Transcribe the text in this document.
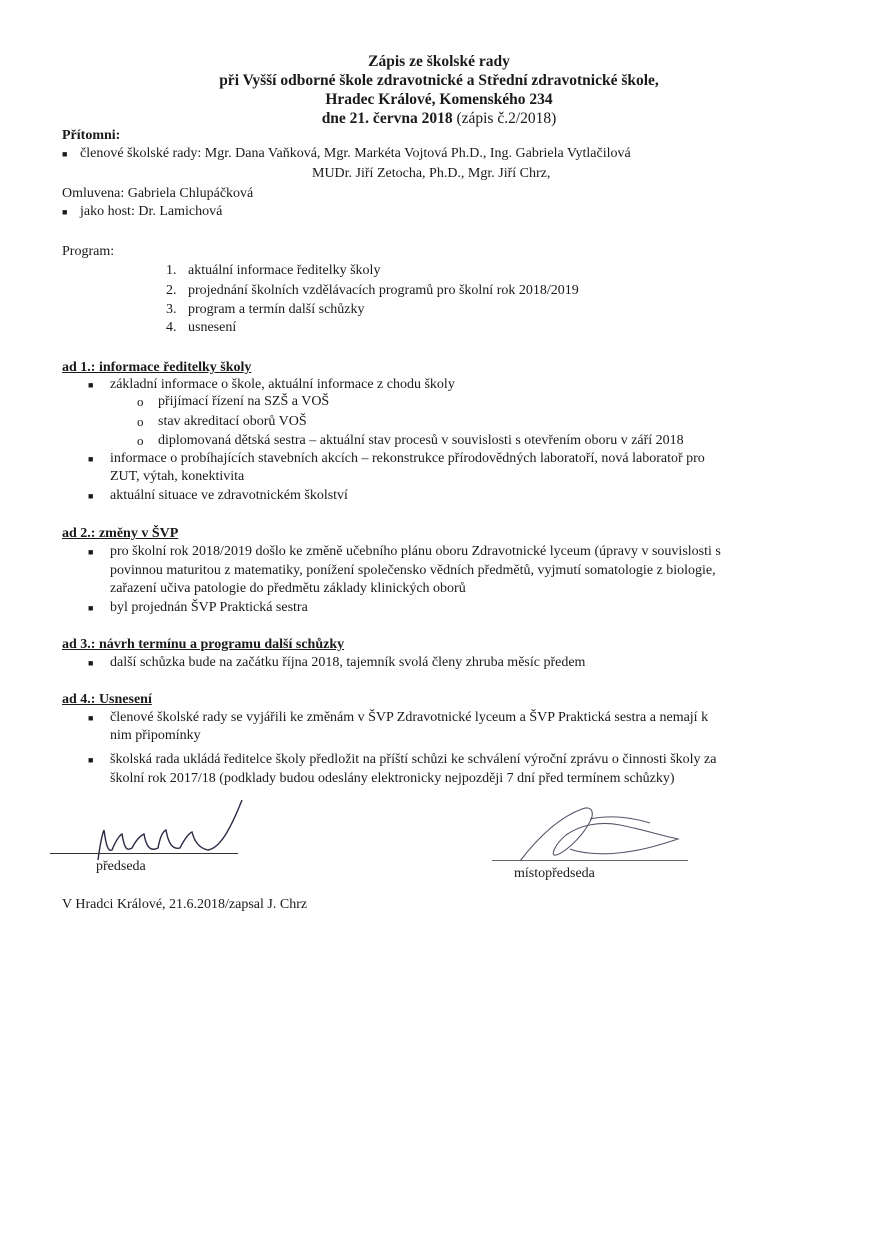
Zápis ze školské rady
při Vyšší odborné škole zdravotnické a Střední zdravotnické škole,
Hradec Králové, Komenského 234
dne 21. června 2018 (zápis č.2/2018)
Přítomni:
■ členové školské rady: Mgr. Dana Vaňková, Mgr. Markéta Vojtová Ph.D., Ing. Gabriela Vytlačilová
MUDr. Jiří Zetocha, Ph.D., Mgr. Jiří Chrz,
Omluvena: Gabriela Chlupáčková
■ jako host: Dr. Lamichová
Program:
1. aktuální informace ředitelky školy
2. projednání školních vzdělávacích programů pro školní rok 2018/2019
3. program a termín další schůzky
4. usnesení
ad 1.: informace ředitelky školy
■ základní informace o škole, aktuální informace z chodu školy
o přijímací řízení na SZŠ a VOŠ
o stav akreditací oborů VOŠ
o diplomovaná dětská sestra – aktuální stav procesů v souvislosti s otevřením oboru v září 2018
■ informace o probíhajících stavebních akcích – rekonstrukce přírodovědných laboratoří, nová laboratoř pro
ZUT, výtah, konektivita
■ aktuální situace ve zdravotnickém školství
ad 2.: změny v ŠVP
■ pro školní rok 2018/2019 došlo ke změně učebního plánu oboru Zdravotnické lyceum (úpravy v souvislosti s
povinnou maturitou z matematiky, ponížení společensko vědních předmětů, vyjmutí somatologie z biologie,
zařazení učiva patologie do předmětu základy klinických oborů
■ byl projednán ŠVP Praktická sestra
ad 3.: návrh termínu a programu další schůzky
■ další schůzka bude na začátku října 2018, tajemník svolá členy zhruba měsíc předem
ad 4.: Usnesení
■ členové školské rady se vyjářili ke změnám v ŠVP Zdravotnické lyceum a ŠVP Praktická sestra a nemají k
nim připomínky
■ školská rada ukládá ředitelce školy předložit na příští schůzi ke schválení výroční zprávu o činnosti školy za
školní rok 2017/18 (podklady budou odeslány elektronicky nejpozději 7 dní před termínem schůzky)
předseda	místopředseda
V Hradci Králové, 21.6.2018/zapsal J. Chrz
